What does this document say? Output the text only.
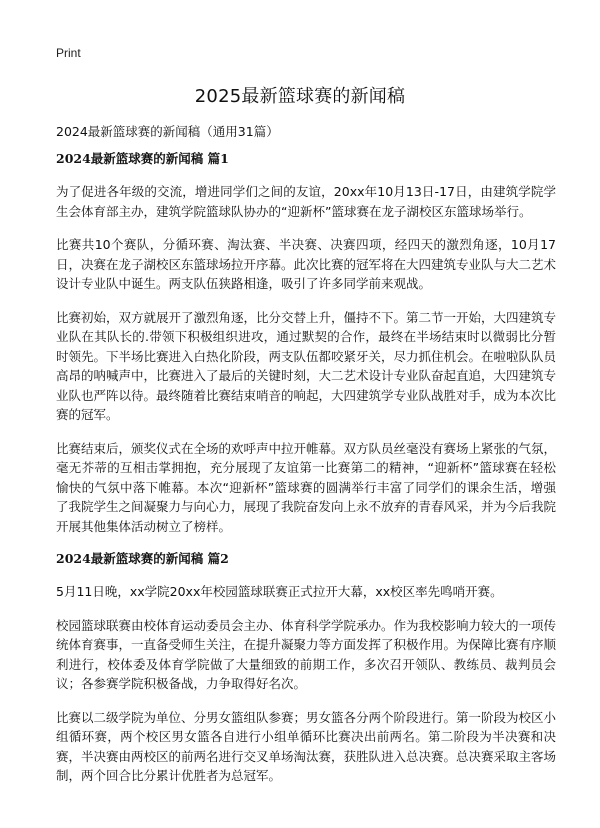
Print
2025最新篮球赛的新闻稿
2024最新篮球赛的新闻稿（通用31篇）
2024最新篮球赛的新闻稿 篇1

为了促进各年级的交流，增进同学们之间的友谊，20xx年10月13日-17日，由建筑学院学生会体育部主办，建筑学院篮球队协办的“迎新杯”篮球赛在龙子湖校区东篮球场举行。

比赛共10个赛队，分循环赛、淘汰赛、半决赛、决赛四项，经四天的激烈角逐，10月17日，决赛在龙子湖校区东篮球场拉开序幕。此次比赛的冠军将在大四建筑专业队与大二艺术设计专业队中诞生。两支队伍狭路相逢，吸引了许多同学前来观战。

比赛初始，双方就展开了激烈角逐，比分交替上升，僵持不下。第二节一开始，大四建筑专业队在其队长的.带领下积极组织进攻，通过默契的合作，最终在半场结束时以微弱比分暂时领先。下半场比赛进入白热化阶段，两支队伍都咬紧牙关，尽力抓住机会。在啦啦队队员高昂的呐喊声中，比赛进入了最后的关键时刻，大二艺术设计专业队奋起直追，大四建筑专业队也严阵以待。最终随着比赛结束哨音的响起，大四建筑学专业队战胜对手，成为本次比赛的冠军。

比赛结束后，颁奖仪式在全场的欢呼声中拉开帷幕。双方队员丝毫没有赛场上紧张的气氛，毫无芥蒂的互相击掌拥抱，充分展现了友谊第一比赛第二的精神，“迎新杯”篮球赛在轻松愉快的气氛中落下帷幕。本次“迎新杯”篮球赛的圆满举行丰富了同学们的课余生活，增强了我院学生之间凝聚力与向心力，展现了我院奋发向上永不放弃的青春风采，并为今后我院开展其他集体活动树立了榜样。

2024最新篮球赛的新闻稿 篇2

5月11日晚，xx学院20xx年校园篮球联赛正式拉开大幕，xx校区率先鸣哨开赛。

校园篮球联赛由校体育运动委员会主办、体育科学学院承办。作为我校影响力较大的一项传统体育赛事，一直备受师生关注，在提升凝聚力等方面发挥了积极作用。为保障比赛有序顺利进行，校体委及体育学院做了大量细致的前期工作，多次召开领队、教练员、裁判员会议；各参赛学院积极备战，力争取得好名次。

比赛以二级学院为单位、分男女篮组队参赛；男女篮各分两个阶段进行。第一阶段为校区小组循环赛，两个校区男女篮各自进行小组单循环比赛决出前两名。第二阶段为半决赛和决赛，半决赛由两校区的前两名进行交叉单场淘汰赛，获胜队进入总决赛。总决赛采取主客场制，两个回合比分累计优胜者为总冠军。
